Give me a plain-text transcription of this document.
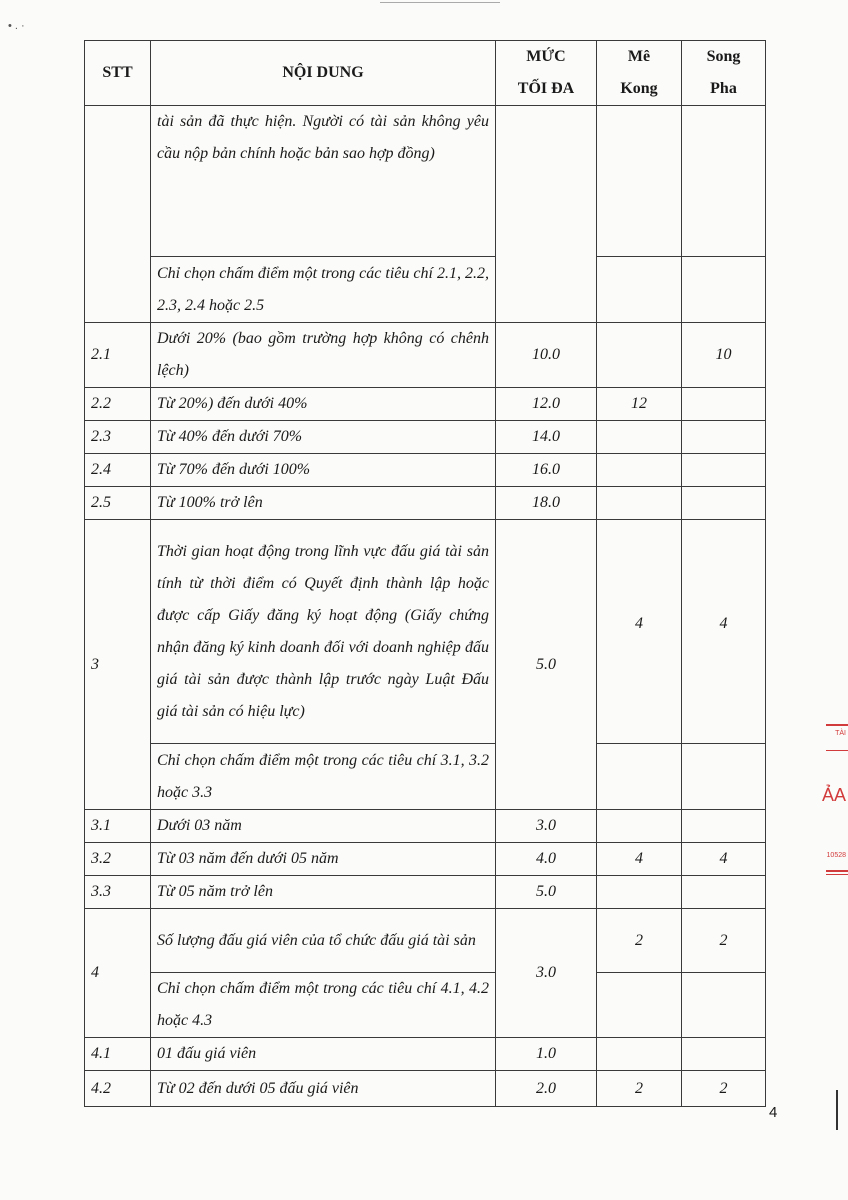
• . ·
STT	NỘI DUNG	MỨC TỐI ĐA	Mê Kong	Song Pha

	tài sản đã thực hiện. Người có tài sản không yêu cầu nộp bản chính hoặc bản sao hợp đồng)			
	Chỉ chọn chấm điểm một trong các tiêu chí 2.1, 2.2, 2.3, 2.4 hoặc 2.5			
2.1	Dưới 20% (bao gồm trường hợp không có chênh lệch)	10.0		10
2.2	Từ 20%) đến dưới 40%	12.0	12	
2.3	Từ 40% đến dưới 70%	14.0		
2.4	Từ 70% đến dưới 100%	16.0		
2.5	Từ 100% trở lên	18.0		
3	Thời gian hoạt động trong lĩnh vực đấu giá tài sản tính từ thời điểm có Quyết định thành lập hoặc được cấp Giấy đăng ký hoạt động (Giấy chứng nhận đăng ký kinh doanh đối với doanh nghiệp đấu giá tài sản được thành lập trước ngày Luật Đấu giá tài sản có hiệu lực)	5.0	4	4
	Chỉ chọn chấm điểm một trong các tiêu chí 3.1, 3.2 hoặc 3.3			
3.1	Dưới 03 năm	3.0		
3.2	Từ 03 năm đến dưới 05 năm	4.0	4	4
3.3	Từ 05 năm trở lên	5.0		
4	Số lượng đấu giá viên của tổ chức đấu giá tài sản	3.0	2	2
	Chỉ chọn chấm điểm một trong các tiêu chí 4.1, 4.2 hoặc 4.3			
4.1	01 đấu giá viên	1.0		
4.2	Từ 02 đến dưới 05 đấu giá viên	2.0	2	2
TÀI
ẢA
10528
4
